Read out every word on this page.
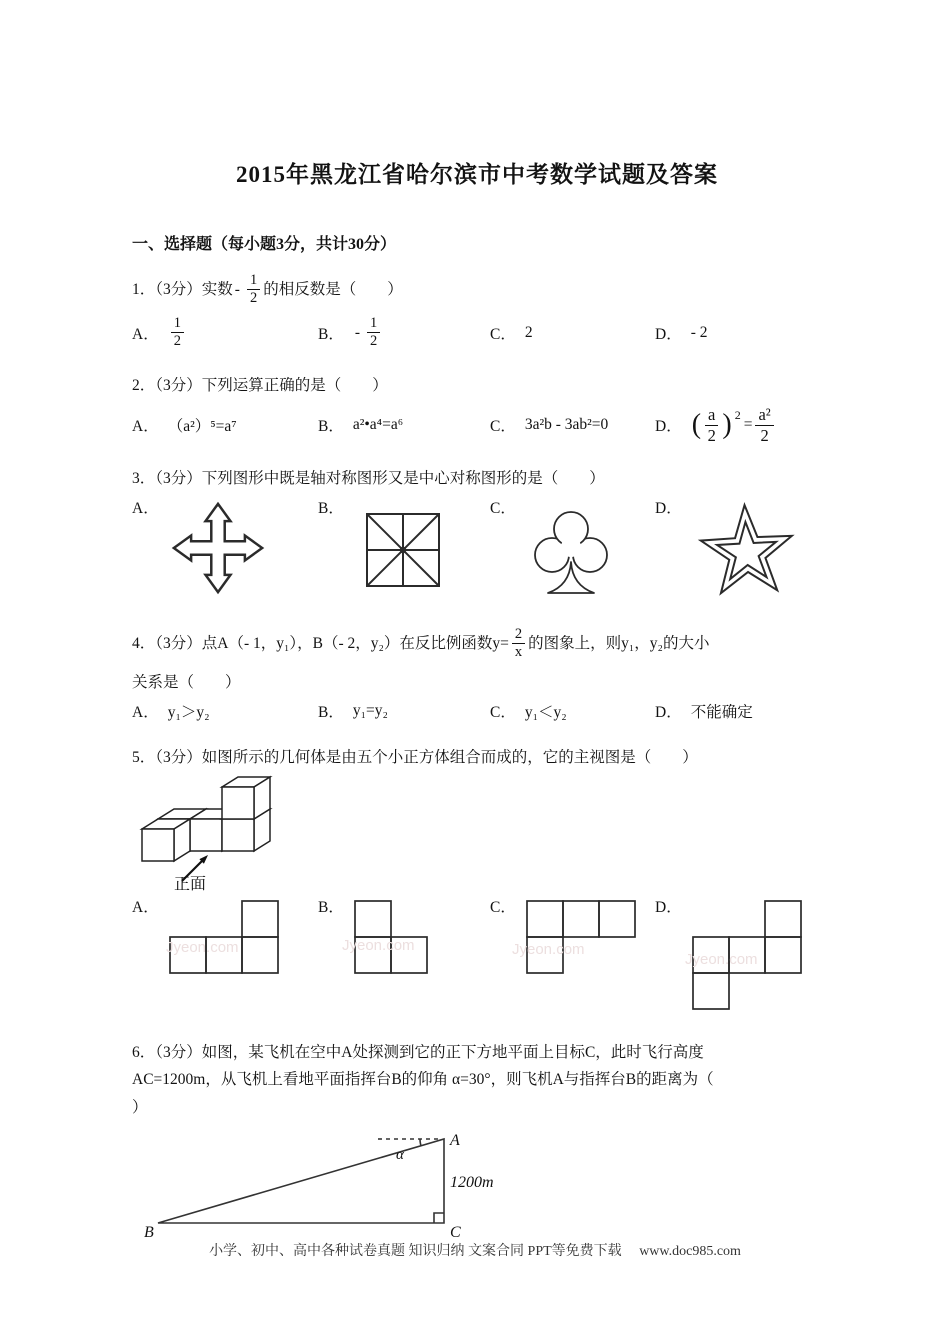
2015年黑龙江省哈尔滨市中考数学试题及答案
一、选择题（每小题3分，共计30分）
1．（3分）实数 - $\frac{1}{2}$ 的相反数是（　　）
A． $\frac{1}{2}$	B． - $\frac{1}{2}$	C． 2	D． - 2
2．（3分）下列运算正确的是（　　）
A． （a²）⁵=a⁷	B． a²•a⁴=a⁶	C． 3a²b - 3ab²=0	D． ( $\frac{a}{2}$ ) 2
= $\frac{\text{a²}}{2}$
3．（3分）下列图形中既是轴对称图形又是中心对称图形的是（　　）
A．	B．	C．	D．
4．（3分）点A（- 1，y₁），B（- 2，y₂）在反比例函数$y= \frac{2}{x}$ 的图象上，则y₁，y₂的大小
关系是（　　）
A． y₁＞y₂	B． y₁=y₂	C． y₁＜y₂	D． 不能确定
5．（3分）如图所示的几何体是由五个小正方体组合而成的，它的主视图是（　　）
正面
A．
Jyeon.com
B．
Jyeon.com
C．
Jyeon.com
D．
Jyeon.com
6．（3分）如图，某飞机在空中A处探测到它的正下方地平面上目标C，此时飞行高度
AC=1200m，从飞机上看地平面指挥台B的仰角 α=30°，则飞机A与指挥台B的距离为（
）
A
B	C
α
1200m
小学、初中、高中各种试卷真题 知识归纳 文案合同 PPT等免费下载 www.doc985.com
